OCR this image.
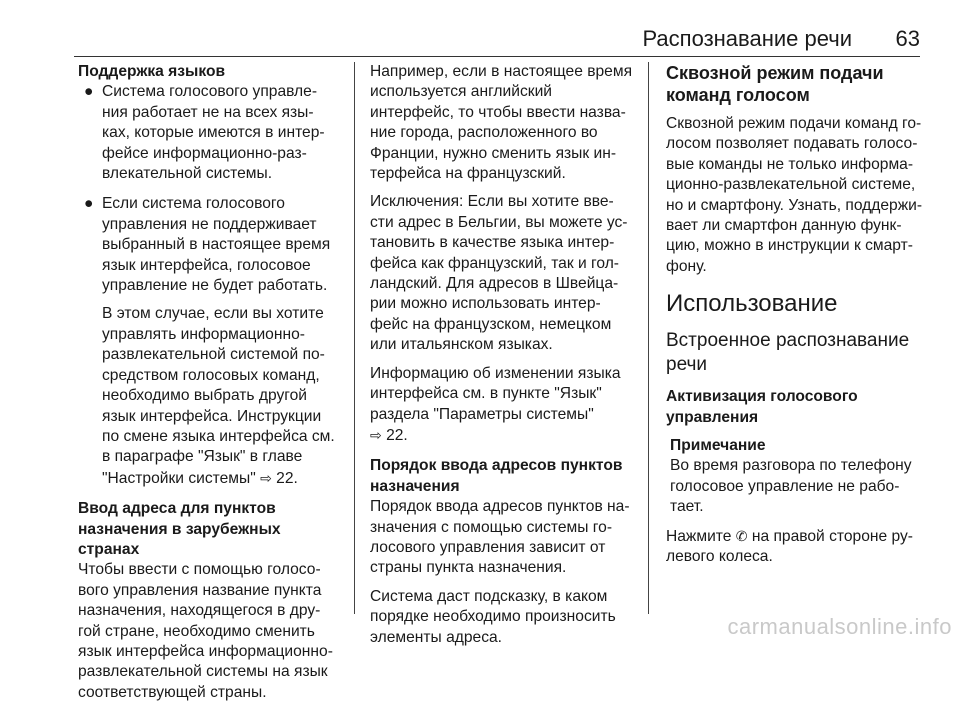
Распознавание речи 63

Поддержка языков

● Система голосового управле-ния работает не на всех язы-ках, которые имеются в интер-фейсе информационно-раз-влекательной системы.
● Если система голосового управления не поддерживает выбранный в настоящее время язык интерфейса, голосовое управление не будет работать.

В этом случае, если вы хотите управлять информационно-развлекательной системой по-средством голосовых команд, необходимо выбрать другой язык интерфейса. Инструкции по смене языка интерфейса см. в параграфе "Язык" в главе "Настройки системы" ⇨ 22.

Ввод адреса для пунктов назначения в зарубежных странах

Чтобы ввести с помощью голосо-вого управления название пункта назначения, находящегося в дру-гой стране, необходимо сменить язык интерфейса информационно-развлекательной системы на язык соответствующей страны.

Например, если в настоящее время используется английский интерфейс, то чтобы ввести назва-ние города, расположенного во Франции, нужно сменить язык ин-терфейса на французский.

Исключения: Если вы хотите вве-сти адрес в Бельгии, вы можете ус-тановить в качестве языка интер-фейса как французский, так и гол-ландский. Для адресов в Швейца-рии можно использовать интер-фейс на французском, немецком или итальянском языках.

Информацию об изменении языка интерфейса см. в пункте "Язык" раздела "Параметры системы"
⇨ 22.

Порядок ввода адресов пунктов назначения

Порядок ввода адресов пунктов на-значения с помощью системы го-лосового управления зависит от страны пункта назначения.

Система даст подсказку, в каком порядке необходимо произносить элементы адреса.

Сквозной режим подачи команд голосом

Сквозной режим подачи команд го-лосом позволяет подавать голосо-вые команды не только информа-ционно-развлекательной системе, но и смартфону. Узнать, поддержи-вает ли смартфон данную функ-цию, можно в инструкции к смарт-фону.

Использование

Встроенное распознавание речи

Активизация голосового управления

Примечание

Во время разговора по телефону голосовое управление не рабо-тает.

Нажмите ✆ на правой стороне ру-левого колеса.

carmanualsonline.info
